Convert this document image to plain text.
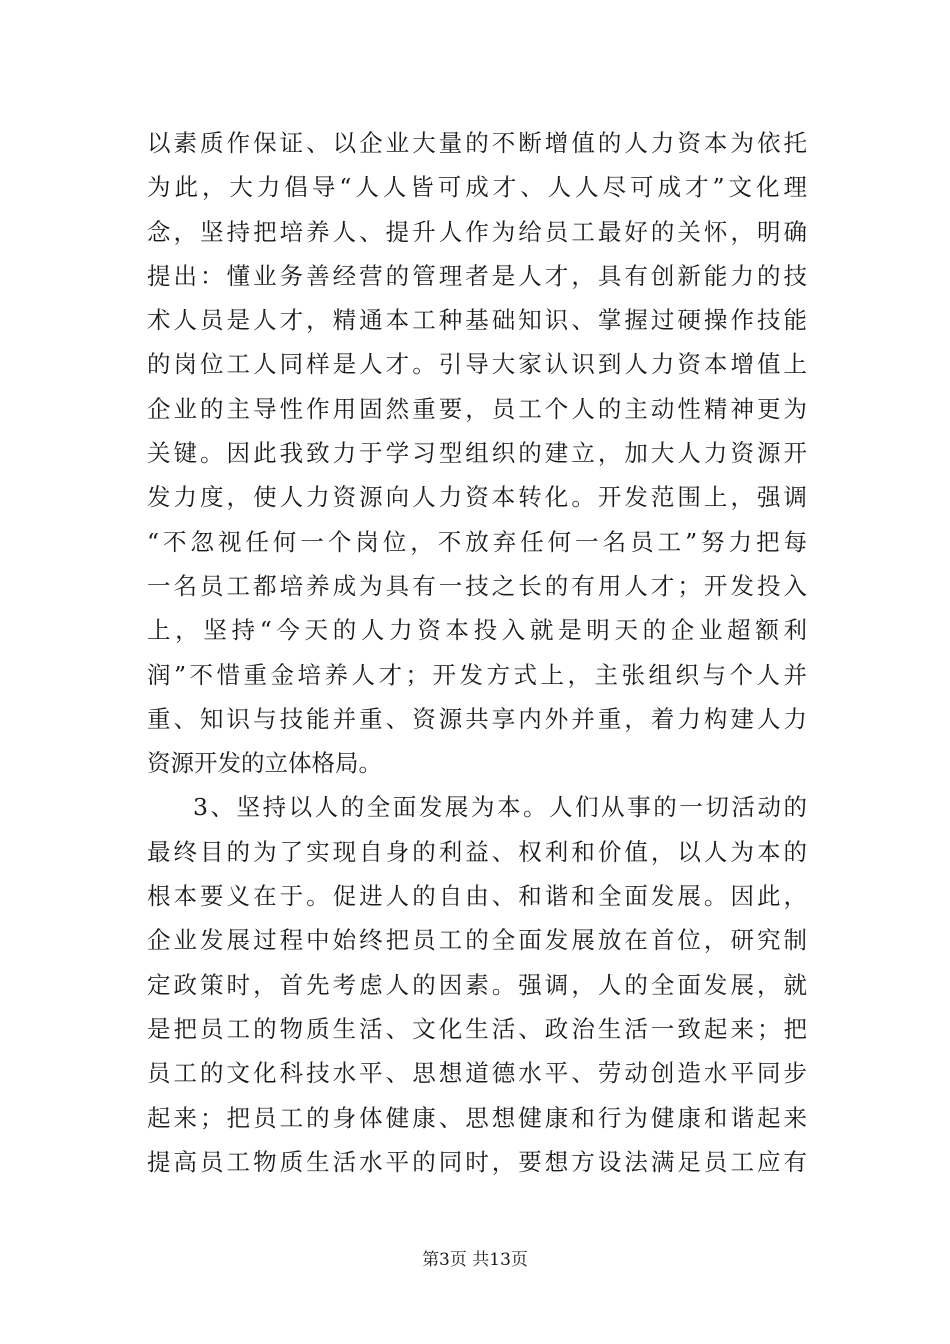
以素质作保证、以企业大量的不断增值的人力资本为依托
为此，大力倡导“人人皆可成才、人人尽可成才”文化理
念，坚持把培养人、提升人作为给员工最好的关怀，明确
提出：懂业务善经营的管理者是人才，具有创新能力的技
术人员是人才，精通本工种基础知识、掌握过硬操作技能
的岗位工人同样是人才。引导大家认识到人力资本增值上
企业的主导性作用固然重要，员工个人的主动性精神更为
关键。因此我致力于学习型组织的建立，加大人力资源开
发力度，使人力资源向人力资本转化。开发范围上，强调
“不忽视任何一个岗位，不放弃任何一名员工”努力把每
一名员工都培养成为具有一技之长的有用人才；开发投入
上，坚持“今天的人力资本投入就是明天的企业超额利
润”不惜重金培养人才；开发方式上，主张组织与个人并
重、知识与技能并重、资源共享内外并重，着力构建人力
资源开发的立体格局。
3、坚持以人的全面发展为本。人们从事的一切活动的
最终目的为了实现自身的利益、权利和价值，以人为本的
根本要义在于。促进人的自由、和谐和全面发展。因此，
企业发展过程中始终把员工的全面发展放在首位，研究制
定政策时，首先考虑人的因素。强调，人的全面发展，就
是把员工的物质生活、文化生活、政治生活一致起来；把
员工的文化科技水平、思想道德水平、劳动创造水平同步
起来；把员工的身体健康、思想健康和行为健康和谐起来
提高员工物质生活水平的同时，要想方设法满足员工应有
第3页 共13页
